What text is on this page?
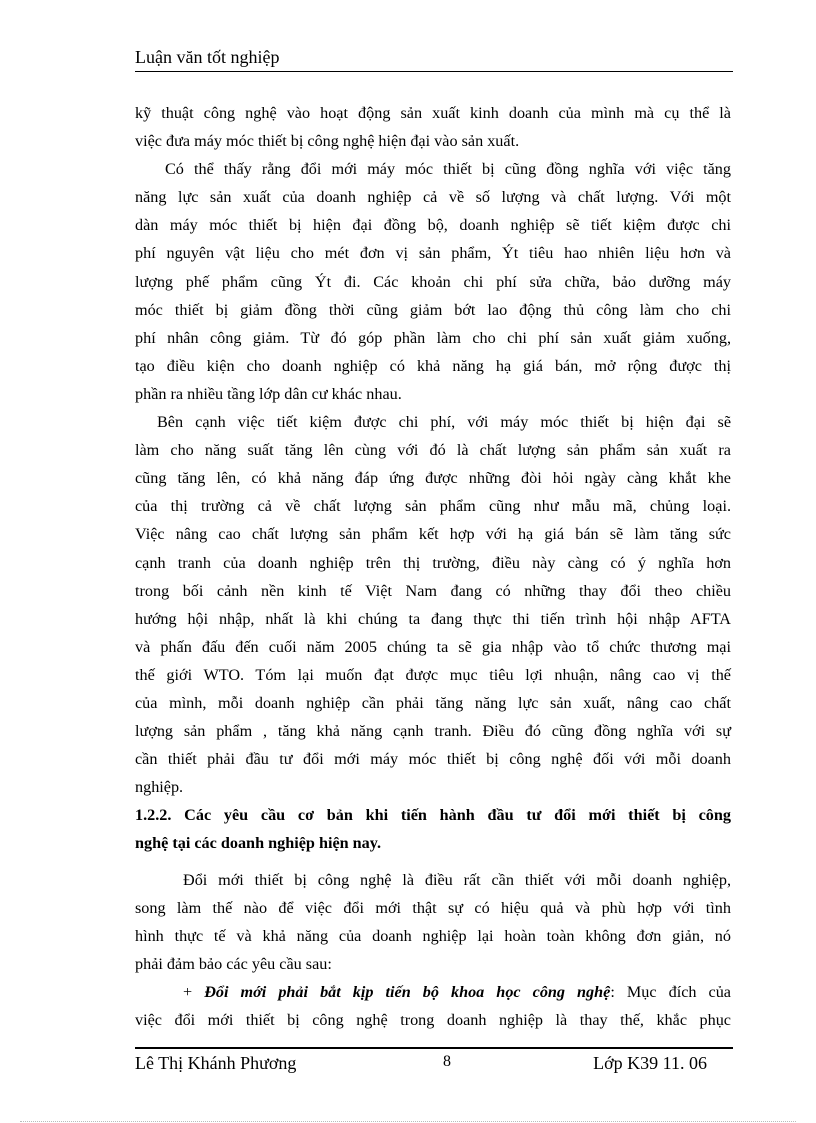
Luận văn tốt nghiệp

kỹ thuật công nghệ vào hoạt động sản xuất kinh doanh của mình mà cụ thể là
việc đưa máy móc thiết bị công nghệ hiện đại vào sản xuất.

Có thể thấy rằng đổi mới máy móc thiết bị cũng đồng nghĩa với việc tăng
năng lực sản xuất của doanh nghiệp cả về số lượng và chất lượng. Với một
dàn máy móc thiết bị hiện đại đồng bộ, doanh nghiệp sẽ tiết kiệm được chi
phí nguyên vật liệu cho mét đơn vị sản phẩm, Ýt tiêu hao nhiên liệu hơn và
lượng phế phẩm cũng Ýt đi. Các khoản chi phí sửa chữa, bảo dưỡng máy
móc thiết bị giảm đồng thời cũng giảm bớt lao động thủ công làm cho chi
phí nhân công giảm. Từ đó góp phần làm cho chi phí sản xuất giảm xuống,
tạo điều kiện cho doanh nghiệp có khả năng hạ giá bán, mở rộng được thị
phần ra nhiều tầng lớp dân cư khác nhau.

Bên cạnh việc tiết kiệm được chi phí, với máy móc thiết bị hiện đại sẽ
làm cho năng suất tăng lên cùng với đó là chất lượng sản phẩm sản xuất ra
cũng tăng lên, có khả năng đáp ứng được những đòi hỏi ngày càng khắt khe
của thị trường cả về chất lượng sản phẩm cũng như mẫu mã, chủng loại.
Việc nâng cao chất lượng sản phẩm kết hợp với hạ giá bán sẽ làm tăng sức
cạnh tranh của doanh nghiệp trên thị trường, điều này càng có ý nghĩa hơn
trong bối cảnh nền kinh tế Việt Nam đang có những thay đổi theo chiều
hướng hội nhập, nhất là khi chúng ta đang thực thi tiến trình hội nhập AFTA
và phấn đấu đến cuối năm 2005 chúng ta sẽ gia nhập vào tổ chức thương mại
thế giới WTO. Tóm lại muốn đạt được mục tiêu lợi nhuận, nâng cao vị thế
của mình, mỗi doanh nghiệp cần phải tăng năng lực sản xuất, nâng cao chất
lượng sản phẩm , tăng khả năng cạnh tranh. Điều đó cũng đồng nghĩa với sự
cần thiết phải đầu tư đổi mới máy móc thiết bị công nghệ đối với mỗi doanh
nghiệp.

1.2.2. Các yêu cầu cơ bản khi tiến hành đầu tư đổi mới thiết bị công
nghệ tại các doanh nghiệp hiện nay.

Đổi mới thiết bị công nghệ là điều rất cần thiết với mỗi doanh nghiệp,
song làm thế nào để việc đổi mới thật sự có hiệu quả và phù hợp với tình
hình thực tế và khả năng của doanh nghiệp lại hoàn toàn không đơn giản, nó
phải đảm bảo các yêu cầu sau:

+ Đổi mới phải bắt kịp tiến bộ khoa học công nghệ: Mục đích của
việc đổi mới thiết bị công nghệ trong doanh nghiệp là thay thế, khắc phục

Lê Thị Khánh Phương	8	Lớp K39 11. 06
